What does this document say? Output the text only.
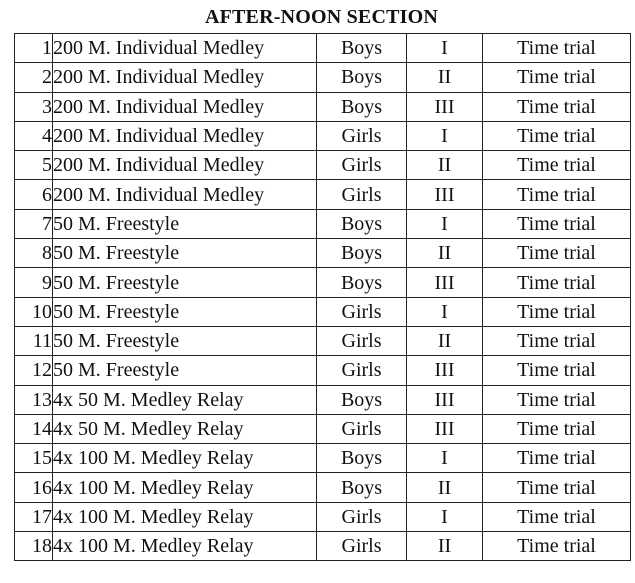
AFTER-NOON SECTION
1	200 M. Individual Medley	Boys	I	Time trial
2	200 M. Individual Medley	Boys	II	Time trial
3	200 M. Individual Medley	Boys	III	Time trial
4	200 M. Individual Medley	Girls	I	Time trial
5	200 M. Individual Medley	Girls	II	Time trial
6	200 M. Individual Medley	Girls	III	Time trial
7	50 M. Freestyle	Boys	I	Time trial
8	50 M. Freestyle	Boys	II	Time trial
9	50 M. Freestyle	Boys	III	Time trial
10	50 M. Freestyle	Girls	I	Time trial
11	50 M. Freestyle	Girls	II	Time trial
12	50 M. Freestyle	Girls	III	Time trial
13	4x 50 M. Medley Relay	Boys	III	Time trial
14	4x 50 M. Medley Relay	Girls	III	Time trial
15	4x 100 M. Medley Relay	Boys	I	Time trial
16	4x 100 M. Medley Relay	Boys	II	Time trial
17	4x 100 M. Medley Relay	Girls	I	Time trial
18	4x 100 M. Medley Relay	Girls	II	Time trial
